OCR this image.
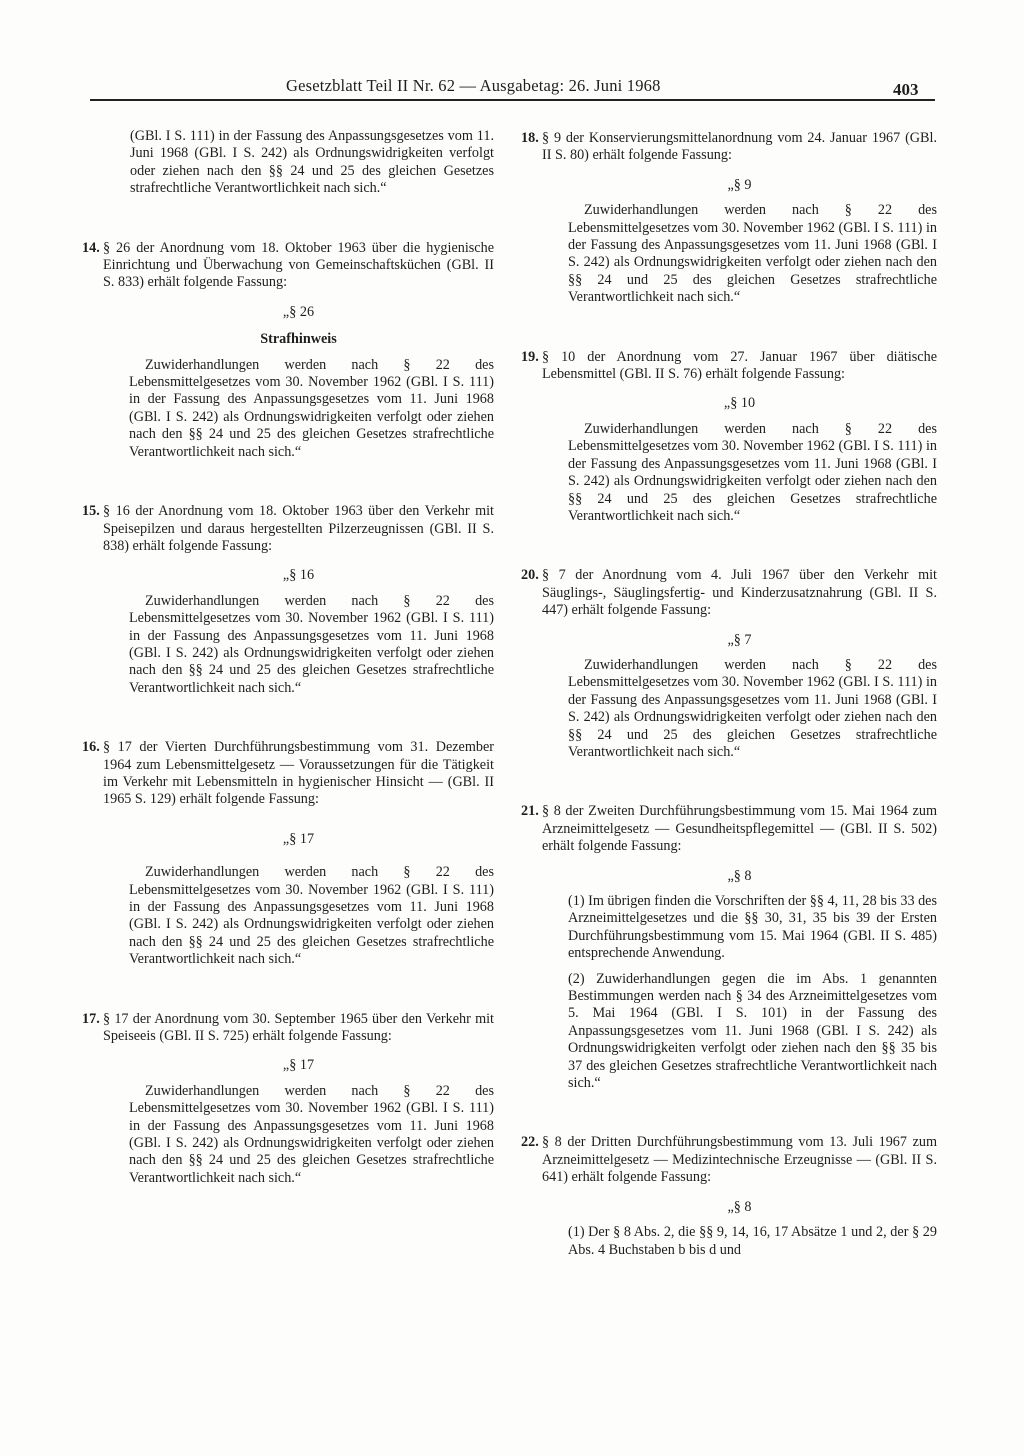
Gesetzblatt Teil II Nr. 62 — Ausgabetag: 26. Juni 1968	403
(GBl. I S. 111) in der Fassung des Anpassungsgesetzes vom 11. Juni 1968 (GBl. I S. 242) als Ordnungswidrigkeiten verfolgt oder ziehen nach den §§ 24 und 25 des gleichen Gesetzes strafrechtliche Verantwortlichkeit nach sich.“
14. § 26 der Anordnung vom 18. Oktober 1963 über die hygienische Einrichtung und Überwachung von Gemeinschaftsküchen (GBl. II S. 833) erhält folgende Fassung:
„§ 26
Strafhinweis
Zuwiderhandlungen werden nach § 22 des Lebensmittelgesetzes vom 30. November 1962 (GBl. I S. 111) in der Fassung des Anpassungsgesetzes vom 11. Juni 1968 (GBl. I S. 242) als Ordnungswidrigkeiten verfolgt oder ziehen nach den §§ 24 und 25 des gleichen Gesetzes strafrechtliche Verantwortlichkeit nach sich.“
15. § 16 der Anordnung vom 18. Oktober 1963 über den Verkehr mit Speisepilzen und daraus hergestellten Pilzerzeugnissen (GBl. II S. 838) erhält folgende Fassung:
„§ 16
Zuwiderhandlungen werden nach § 22 des Lebensmittelgesetzes vom 30. November 1962 (GBl. I S. 111) in der Fassung des Anpassungsgesetzes vom 11. Juni 1968 (GBl. I S. 242) als Ordnungswidrigkeiten verfolgt oder ziehen nach den §§ 24 und 25 des gleichen Gesetzes strafrechtliche Verantwortlichkeit nach sich.“
16. § 17 der Vierten Durchführungsbestimmung vom 31. Dezember 1964 zum Lebensmittelgesetz — Voraussetzungen für die Tätigkeit im Verkehr mit Lebensmitteln in hygienischer Hinsicht — (GBl. II 1965 S. 129) erhält folgende Fassung:
„§ 17
Zuwiderhandlungen werden nach § 22 des Lebensmittelgesetzes vom 30. November 1962 (GBl. I S. 111) in der Fassung des Anpassungsgesetzes vom 11. Juni 1968 (GBl. I S. 242) als Ordnungswidrigkeiten verfolgt oder ziehen nach den §§ 24 und 25 des gleichen Gesetzes strafrechtliche Verantwortlichkeit nach sich.“
17. § 17 der Anordnung vom 30. September 1965 über den Verkehr mit Speiseeis (GBl. II S. 725) erhält folgende Fassung:
„§ 17
Zuwiderhandlungen werden nach § 22 des Lebensmittelgesetzes vom 30. November 1962 (GBl. I S. 111) in der Fassung des Anpassungsgesetzes vom 11. Juni 1968 (GBl. I S. 242) als Ordnungswidrigkeiten verfolgt oder ziehen nach den §§ 24 und 25 des gleichen Gesetzes strafrechtliche Verantwortlichkeit nach sich.“
18. § 9 der Konservierungsmittelanordnung vom 24. Januar 1967 (GBl. II S. 80) erhält folgende Fassung:
„§ 9
Zuwiderhandlungen werden nach § 22 des Lebensmittelgesetzes vom 30. November 1962 (GBl. I S. 111) in der Fassung des Anpassungsgesetzes vom 11. Juni 1968 (GBl. I S. 242) als Ordnungswidrigkeiten verfolgt oder ziehen nach den §§ 24 und 25 des gleichen Gesetzes strafrechtliche Verantwortlichkeit nach sich.“
19. § 10 der Anordnung vom 27. Januar 1967 über diätische Lebensmittel (GBl. II S. 76) erhält folgende Fassung:
„§ 10
Zuwiderhandlungen werden nach § 22 des Lebensmittelgesetzes vom 30. November 1962 (GBl. I S. 111) in der Fassung des Anpassungsgesetzes vom 11. Juni 1968 (GBl. I S. 242) als Ordnungswidrigkeiten verfolgt oder ziehen nach den §§ 24 und 25 des gleichen Gesetzes strafrechtliche Verantwortlichkeit nach sich.“
20. § 7 der Anordnung vom 4. Juli 1967 über den Verkehr mit Säuglings-, Säuglingsfertig- und Kinderzusatznahrung (GBl. II S. 447) erhält folgende Fassung:
„§ 7
Zuwiderhandlungen werden nach § 22 des Lebensmittelgesetzes vom 30. November 1962 (GBl. I S. 111) in der Fassung des Anpassungsgesetzes vom 11. Juni 1968 (GBl. I S. 242) als Ordnungswidrigkeiten verfolgt oder ziehen nach den §§ 24 und 25 des gleichen Gesetzes strafrechtliche Verantwortlichkeit nach sich.“
21. § 8 der Zweiten Durchführungsbestimmung vom 15. Mai 1964 zum Arzneimittelgesetz — Gesundheitspflegemittel — (GBl. II S. 502) erhält folgende Fassung:
„§ 8
(1) Im übrigen finden die Vorschriften der §§ 4, 11, 28 bis 33 des Arzneimittelgesetzes und die §§ 30, 31, 35 bis 39 der Ersten Durchführungsbestimmung vom 15. Mai 1964 (GBl. II S. 485) entsprechende Anwendung.
(2) Zuwiderhandlungen gegen die im Abs. 1 genannten Bestimmungen werden nach § 34 des Arzneimittelgesetzes vom 5. Mai 1964 (GBl. I S. 101) in der Fassung des Anpassungsgesetzes vom 11. Juni 1968 (GBl. I S. 242) als Ordnungswidrigkeiten verfolgt oder ziehen nach den §§ 35 bis 37 des gleichen Gesetzes strafrechtliche Verantwortlichkeit nach sich.“
22. § 8 der Dritten Durchführungsbestimmung vom 13. Juli 1967 zum Arzneimittelgesetz — Medizintechnische Erzeugnisse — (GBl. II S. 641) erhält folgende Fassung:
„§ 8
(1) Der § 8 Abs. 2, die §§ 9, 14, 16, 17 Absätze 1 und 2, der § 29 Abs. 4 Buchstaben b bis d und
